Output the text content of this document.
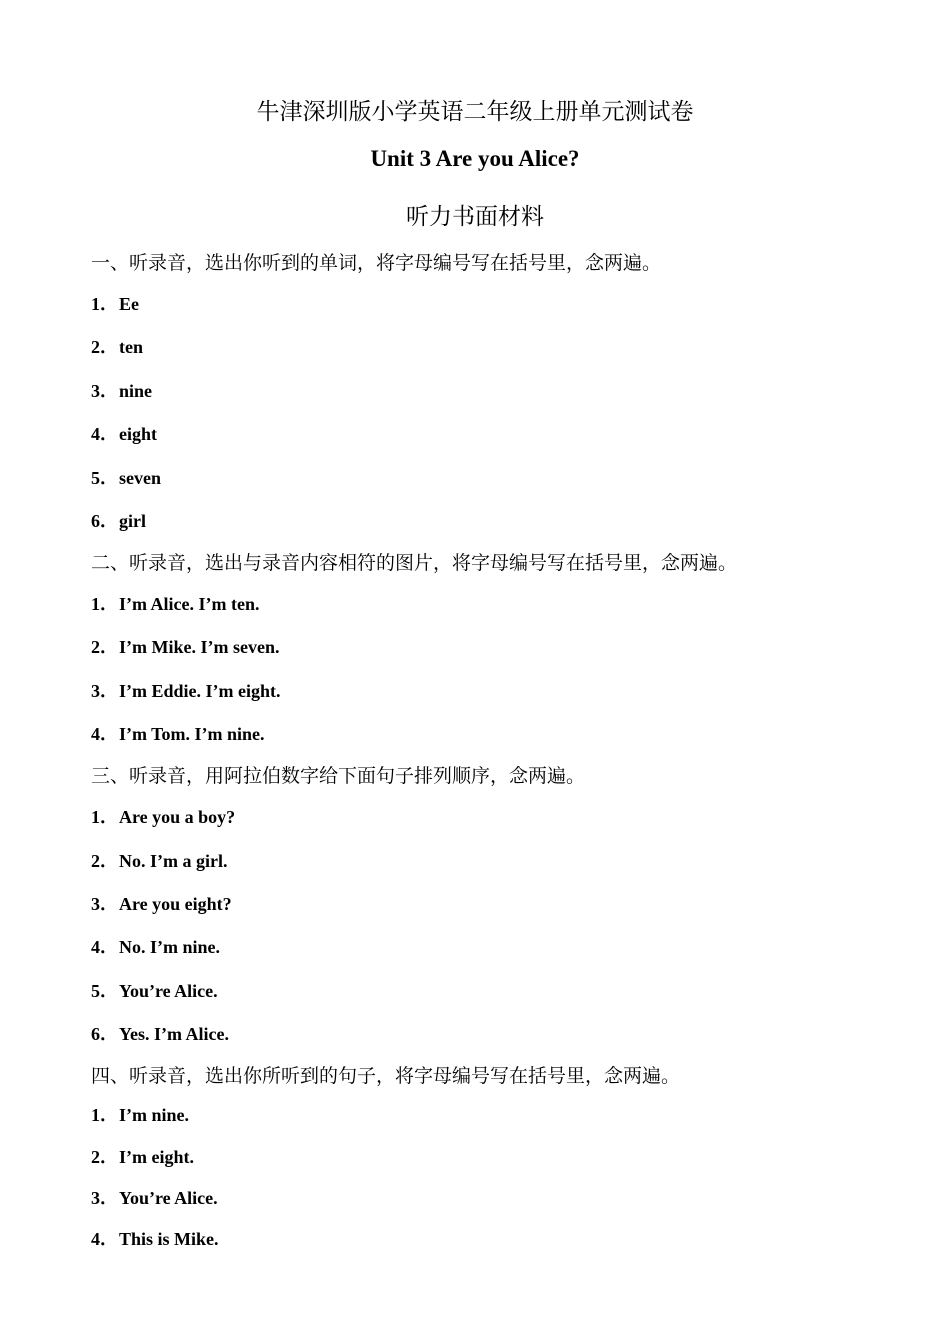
牛津深圳版小学英语二年级上册单元测试卷
Unit 3 Are you Alice?
听力书面材料
一、听录音，选出你听到的单词，将字母编号写在括号里，念两遍。
1．Ee
2．ten
3．nine
4．eight
5．seven
6．girl
二、听录音，选出与录音内容相符的图片，将字母编号写在括号里，念两遍。
1．I’m Alice. I’m ten.
2．I’m Mike. I’m seven.
3．I’m Eddie. I’m eight.
4．I’m Tom. I’m nine.
三、听录音，用阿拉伯数字给下面句子排列顺序，念两遍。
1．Are you a boy?
2．No. I’m a girl.
3．Are you eight?
4．No. I’m nine.
5．You’re Alice.
6．Yes. I’m Alice.
四、听录音，选出你所听到的句子，将字母编号写在括号里，念两遍。
1．I’m nine.
2．I’m eight.
3．You’re Alice.
4．This is Mike.
